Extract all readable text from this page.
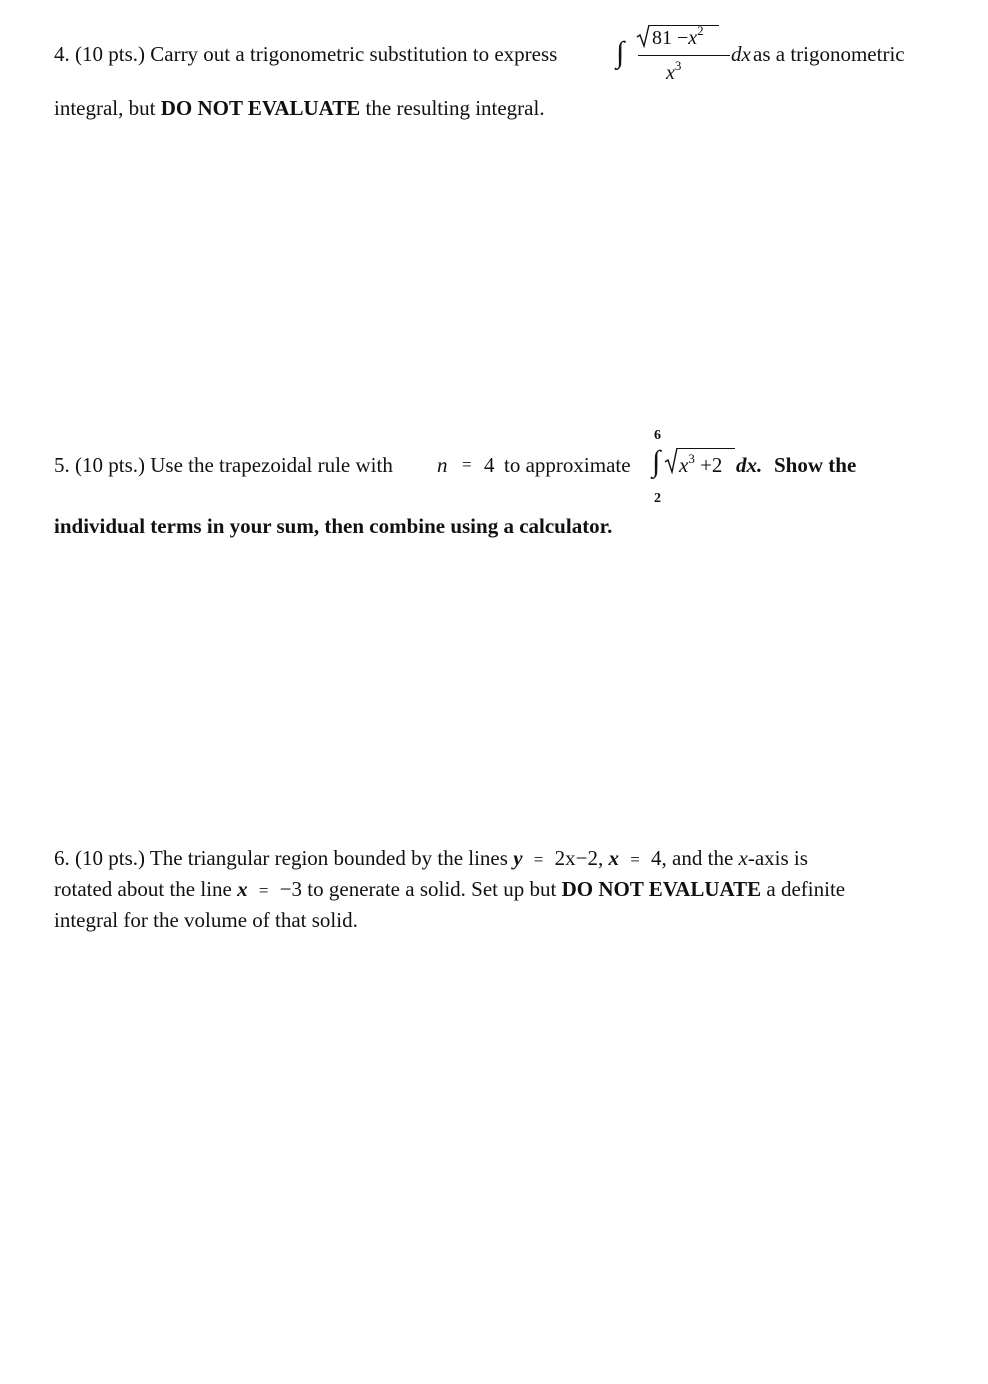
4. (10 pts.) Carry out a trigonometric substitution to express ∫ $81 -x^2$
$x^3$ dx as a trigonometric
integral, but DO NOT EVALUATE the resulting integral.
5. (10 pts.) Use the trapezoidal rule with n = 4 to approximate
6
∫
2
$x^3 +2$ dx. Show the
individual terms in your sum, then combine using a calculator.
6. (10 pts.) The triangular region bounded by the lines y = 2x−2, x = 4, and the x-axis is
rotated about the line x = −3 to generate a solid. Set up but DO NOT EVALUATE a definite
integral for the volume of that solid.
